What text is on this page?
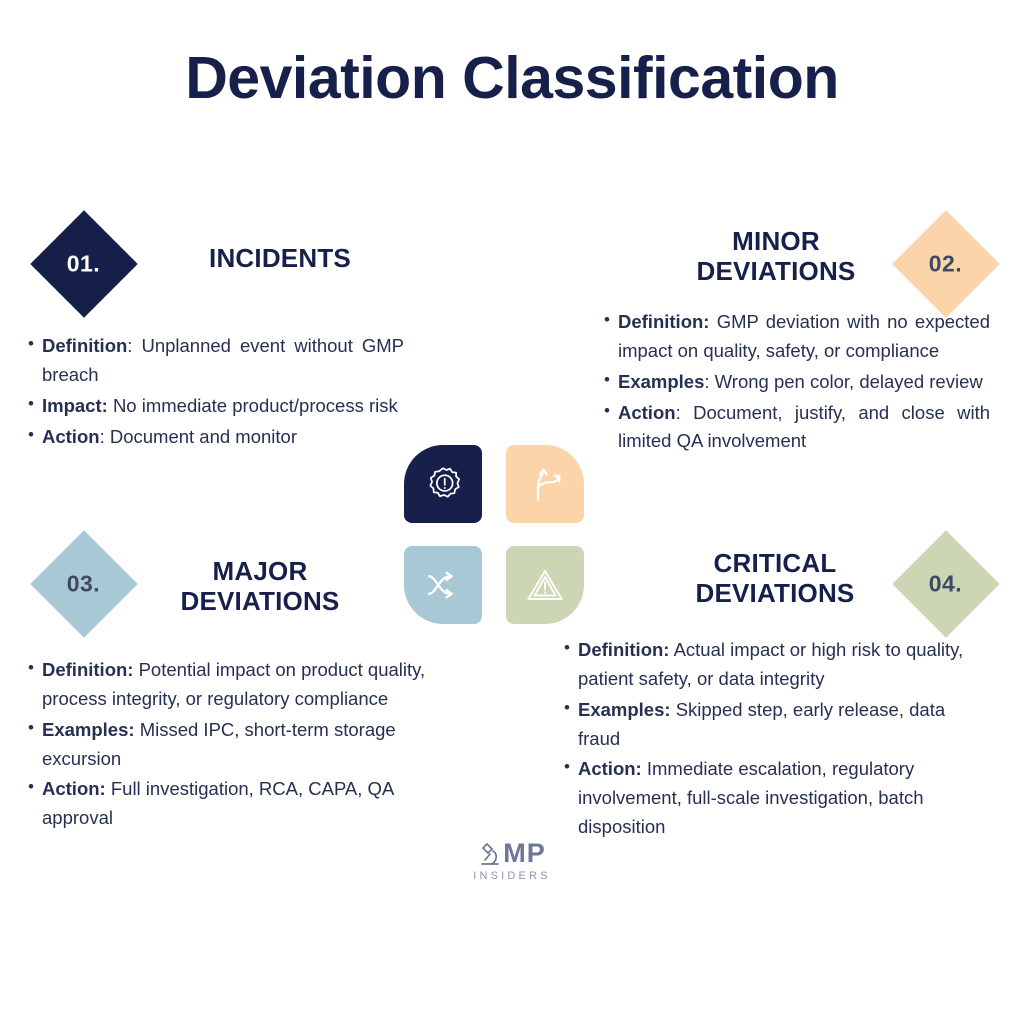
Deviation Classification
01.	02.
03.	04.
INCIDENTS
MINOR
DEVIATIONS
MAJOR
DEVIATIONS
CRITICAL
DEVIATIONS
• Definition: Unplanned event without GMP breach
• Impact: No immediate product/process risk
• Action: Document and monitor
• Definition: GMP deviation with no expected impact on quality, safety, or compliance
• Examples: Wrong pen color, delayed review
• Action: Document, justify, and close with limited QA involvement
• Definition: Potential impact on product quality, process integrity, or regulatory compliance
• Examples: Missed IPC, short-term storage excursion
• Action: Full investigation, RCA, CAPA, QA approval
• Definition: Actual impact or high risk to quality, patient safety, or data integrity
• Examples: Skipped step, early release, data fraud
• Action: Immediate escalation, regulatory involvement, full-scale investigation, batch disposition
MP
INSIDERS
